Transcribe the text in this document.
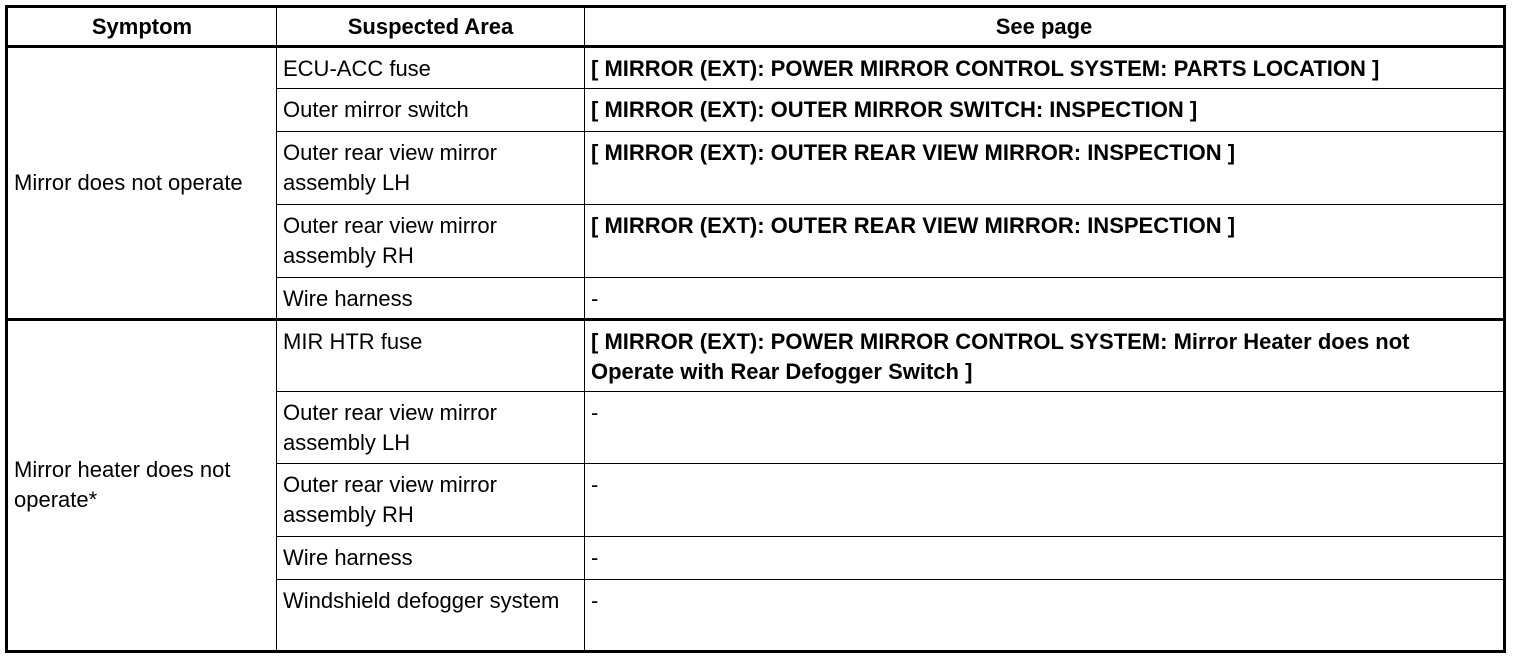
Symptom	Suspected Area	See page
Mirror does not operate	ECU-ACC fuse	[ MIRROR (EXT): POWER MIRROR CONTROL SYSTEM: PARTS LOCATION ]
	Outer mirror switch	[ MIRROR (EXT): OUTER MIRROR SWITCH: INSPECTION ]
	Outer rear view mirror assembly LH	[ MIRROR (EXT): OUTER REAR VIEW MIRROR: INSPECTION ]
	Outer rear view mirror assembly RH	[ MIRROR (EXT): OUTER REAR VIEW MIRROR: INSPECTION ]
	Wire harness	-
Mirror heater does not operate*	MIR HTR fuse	[ MIRROR (EXT): POWER MIRROR CONTROL SYSTEM: Mirror Heater does not Operate with Rear Defogger Switch ]
	Outer rear view mirror assembly LH	-
	Outer rear view mirror assembly RH	-
	Wire harness	-
	Windshield defogger system	-
